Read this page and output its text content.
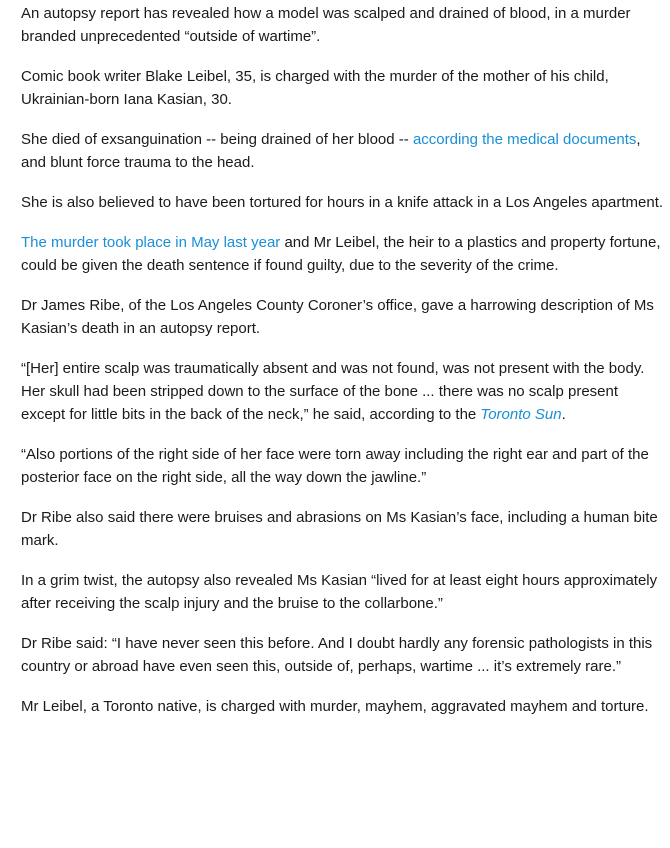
An autopsy report has revealed how a model was scalped and drained of blood, in a murder branded unprecedented “outside of wartime”.

Comic book writer Blake Leibel, 35, is charged with the murder of the mother of his child, Ukrainian-born Iana Kasian, 30.

She died of exsanguination -- being drained of her blood -- according the medical documents, and blunt force trauma to the head.

She is also believed to have been tortured for hours in a knife attack in a Los Angeles apartment.

The murder took place in May last year and Mr Leibel, the heir to a plastics and property fortune, could be given the death sentence if found guilty, due to the severity of the crime.

Dr James Ribe, of the Los Angeles County Coroner’s office, gave a harrowing description of Ms Kasian’s death in an autopsy report.

“[Her] entire scalp was traumatically absent and was not found, was not present with the body. Her skull had been stripped down to the surface of the bone ... there was no scalp present except for little bits in the back of the neck,” he said, according to the Toronto Sun.

“Also portions of the right side of her face were torn away including the right ear and part of the posterior face on the right side, all the way down the jawline.”

Dr Ribe also said there were bruises and abrasions on Ms Kasian’s face, including a human bite mark.

In a grim twist, the autopsy also revealed Ms Kasian “lived for at least eight hours approximately after receiving the scalp injury and the bruise to the collarbone.”

Dr Ribe said: “I have never seen this before. And I doubt hardly any forensic pathologists in this country or abroad have even seen this, outside of, perhaps, wartime ... it’s extremely rare.”

Mr Leibel, a Toronto native, is charged with murder, mayhem, aggravated mayhem and torture.
